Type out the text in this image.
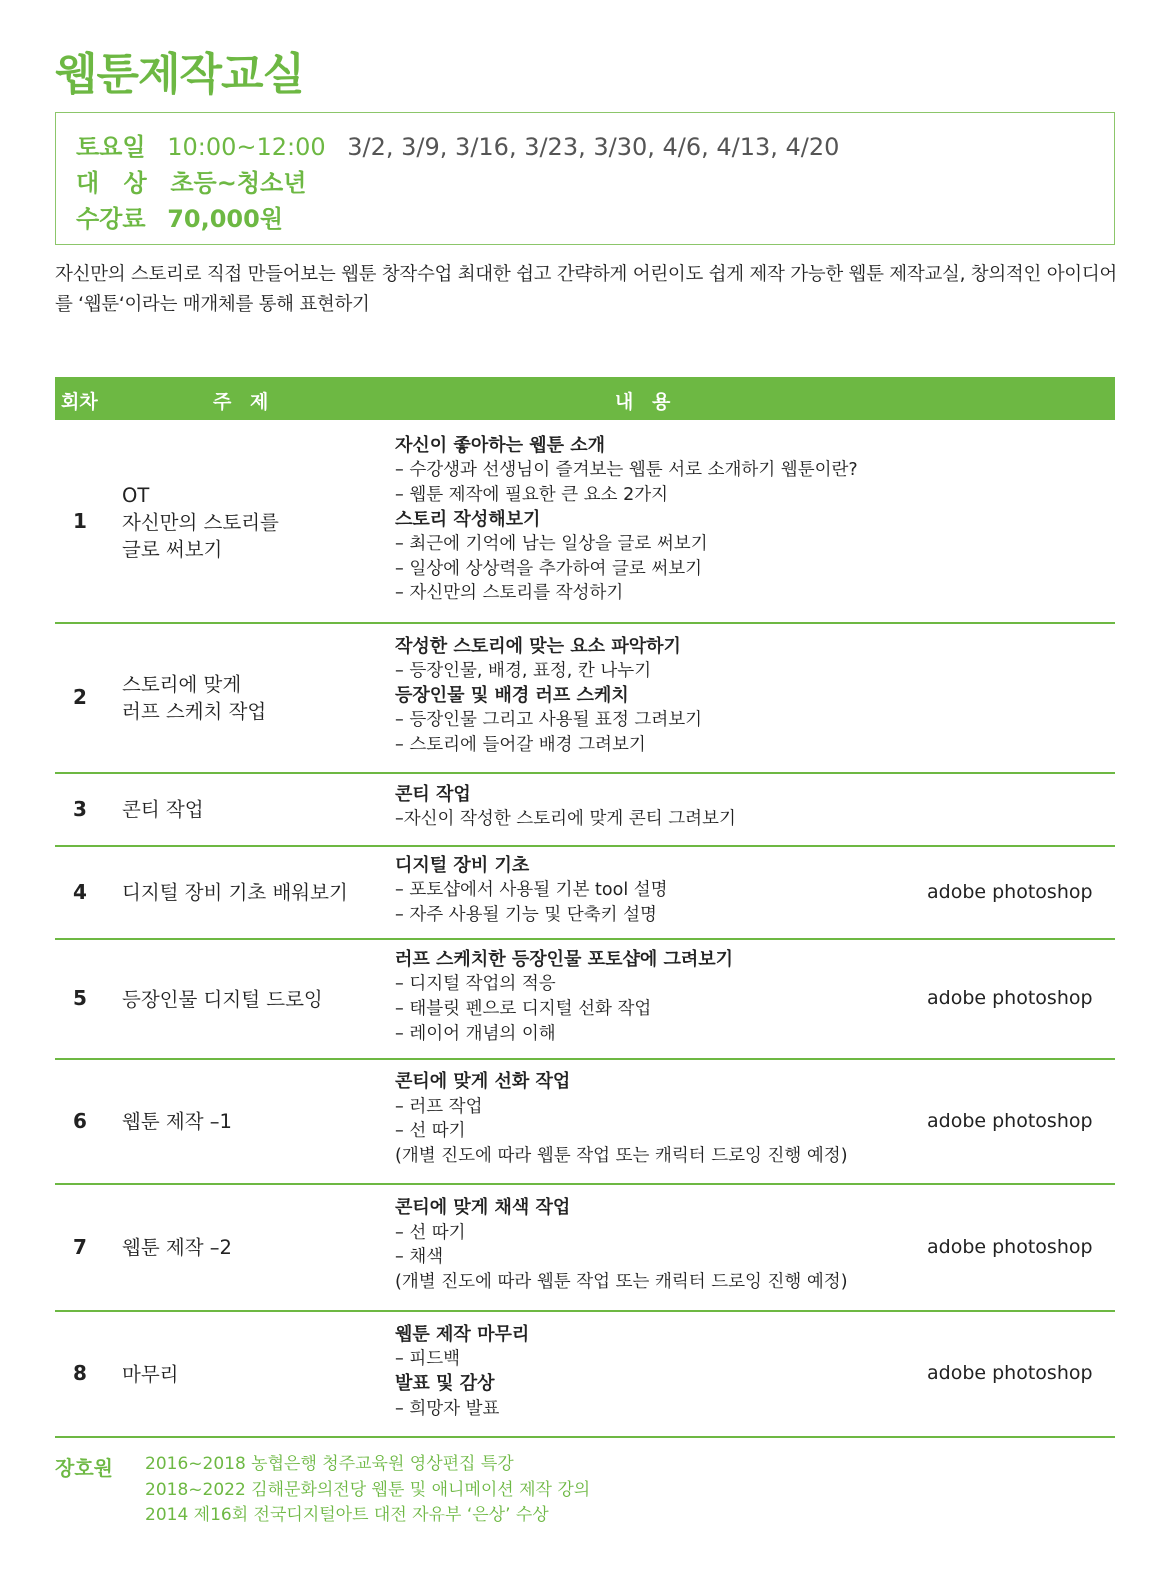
웹툰제작교실
토요일 10:00~12:00 3/2, 3/9, 3/16, 3/23, 3/30, 4/6, 4/13, 4/20
대 상 초등~청소년
수강료 70,000원
자신만의 스토리로 직접 만들어보는 웹툰 창작수업 최대한 쉽고 간략하게 어린이도 쉽게 제작 가능한 웹툰 제작교실, 창의적인 아이디어를 ‘웹툰‘이라는 매개체를 통해 표현하기
회차	주 제	내 용
1
OT
자신만의 스토리를
글로 써보기
자신이 좋아하는 웹툰 소개
– 수강생과 선생님이 즐겨보는 웹툰 서로 소개하기 웹툰이란?
– 웹툰 제작에 필요한 큰 요소 2가지
스토리 작성해보기
– 최근에 기억에 남는 일상을 글로 써보기
– 일상에 상상력을 추가하여 글로 써보기
– 자신만의 스토리를 작성하기
2
스토리에 맞게
러프 스케치 작업
작성한 스토리에 맞는 요소 파악하기
– 등장인물, 배경, 표정, 칸 나누기
등장인물 및 배경 러프 스케치
– 등장인물 그리고 사용될 표정 그려보기
– 스토리에 들어갈 배경 그려보기
3 콘티 작업
콘티 작업
–자신이 작성한 스토리에 맞게 콘티 그려보기
4 디지털 장비 기초 배워보기
디지털 장비 기초
– 포토샵에서 사용될 기본 tool 설명
– 자주 사용될 기능 및 단축키 설명
adobe photoshop
5 등장인물 디지털 드로잉
러프 스케치한 등장인물 포토샵에 그려보기
– 디지털 작업의 적응
– 태블릿 펜으로 디지털 선화 작업
– 레이어 개념의 이해
adobe photoshop
6 웹툰 제작 –1
콘티에 맞게 선화 작업
– 러프 작업
– 선 따기
(개별 진도에 따라 웹툰 작업 또는 캐릭터 드로잉 진행 예정)
adobe photoshop
7 웹툰 제작 –2
콘티에 맞게 채색 작업
– 선 따기
– 채색
(개별 진도에 따라 웹툰 작업 또는 캐릭터 드로잉 진행 예정)
adobe photoshop
8 마무리
웹툰 제작 마무리
– 피드백
발표 및 감상
– 희망자 발표
adobe photoshop
장호원 2016~2018 농협은행 청주교육원 영상편집 특강
2018~2022 김해문화의전당 웹툰 및 애니메이션 제작 강의
2014 제16회 전국디지털아트 대전 자유부 ‘은상’ 수상
